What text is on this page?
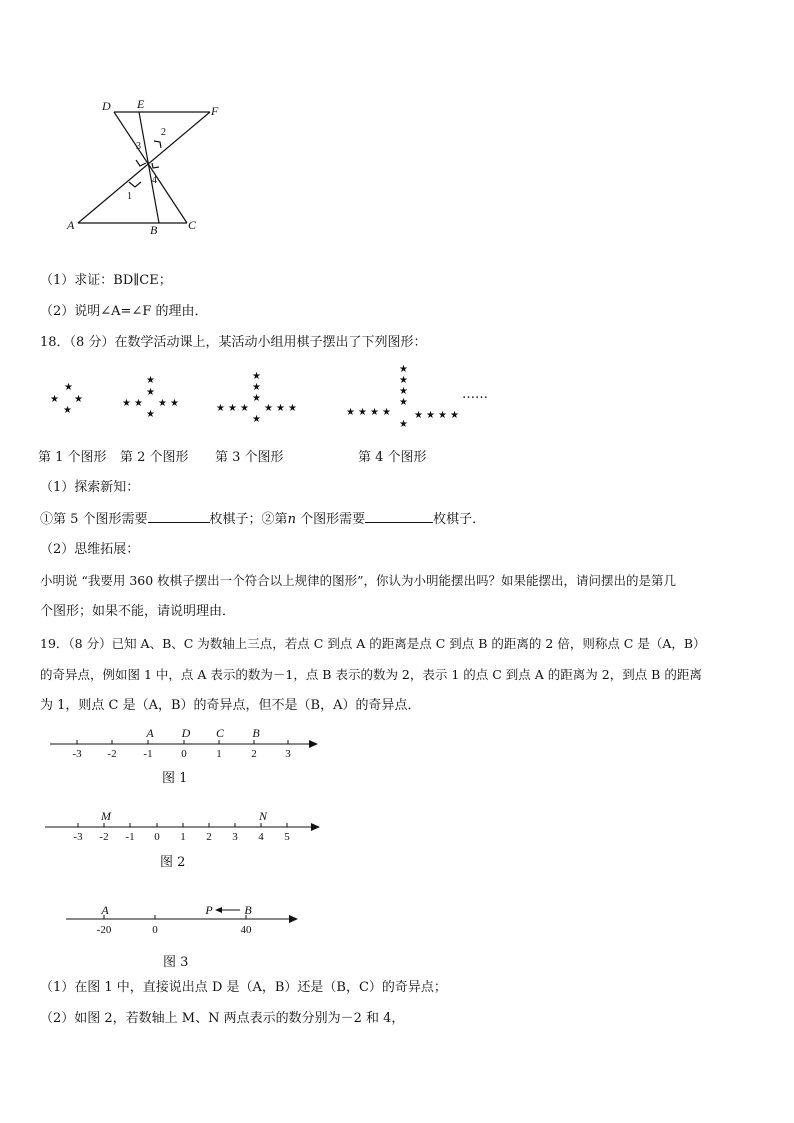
D E	F
A	B	C
1
2
3
4
（1）求证：BD∥CE；
（2）说明∠A=∠F 的理由．
18．（8 分）在数学活动课上，某活动小组用棋子摆出了下列图形：
★
★ ★
★
★
★
★ ★ ★ ★
★
★
★
★
★ ★ ★ ★ ★ ★
★
★
★
★
★
★ ★ ★ ★ ★ ★ ★ ★
★
……
第 1 个图形 第 2 个图形 第 3 个图形	第 4 个图形
（1）探索新知：
①第 5 个图形需要	枚棋子；②第n 个图形需要	枚棋子．
（2）思维拓展：
小明说 “我要用 360 枚棋子摆出一个符合以上规律的图形”，你认为小明能摆出吗？如果能摆出，请问摆出的是第几
个图形；如果不能，请说明理由．
19．（8 分）已知 A、B、C 为数轴上三点，若点 C 到点 A 的距离是点 C 到点 B 的距离的 2 倍，则称点 C 是（A，B）
的奇异点，例如图 1 中，点 A 表示的数为－1，点 B 表示的数为 2，表示 1 的点 C 到点 A 的距离为 2，到点 B 的距离
为 1，则点 C 是（A，B）的奇异点，但不是（B，A）的奇异点．
-3 -2 -1	0	1	2	3
A D C B
图 1
-3 -2 -1 0 1 2 3 4 5
M	N
图 2
-20	0	40
A	P	B
图 3
（1）在图 1 中，直接说出点 D 是（A，B）还是（B，C）的奇异点；
（2）如图 2，若数轴上 M、N 两点表示的数分别为－2 和 4，
